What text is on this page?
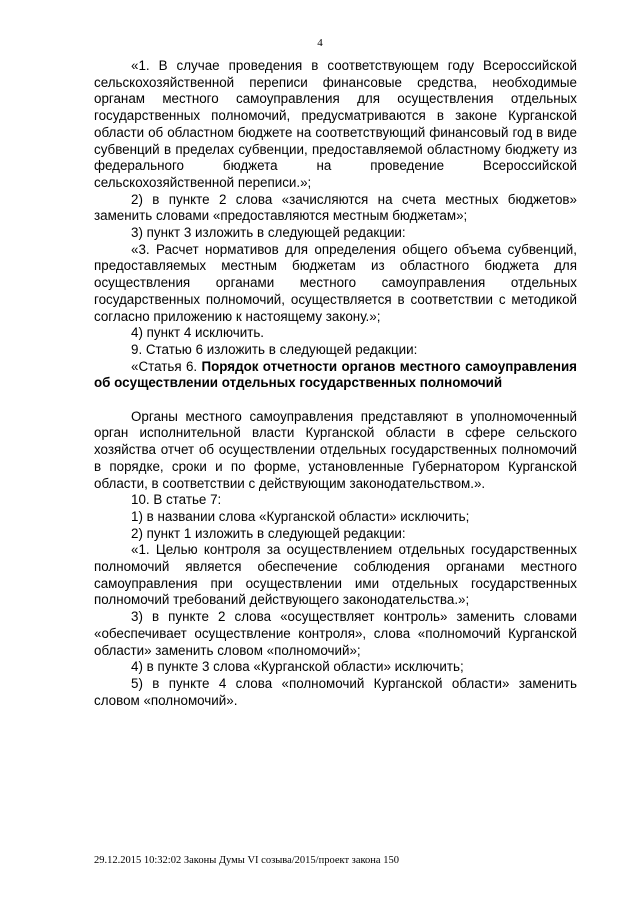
4

«1. В случае проведения в соответствующем году Всероссийской сельскохозяйственной переписи финансовые средства, необходимые органам местного самоуправления для осуществления отдельных государственных полномочий, предусматриваются в законе Курганской области об областном бюджете на соответствующий финансовый год в виде субвенций в пределах субвенции, предоставляемой областному бюджету из федерального бюджета на проведение Всероссийской сельскохозяйственной переписи.»;

2) в пункте 2 слова «зачисляются на счета местных бюджетов» заменить словами «предоставляются местным бюджетам»;

3) пункт 3 изложить в следующей редакции:

«3. Расчет нормативов для определения общего объема субвенций, предоставляемых местным бюджетам из областного бюджета для осуществления органами местного самоуправления отдельных государственных полномочий, осуществляется в соответствии с методикой согласно приложению к настоящему закону.»;

4) пункт 4 исключить.

9. Статью 6 изложить в следующей редакции:

«Статья 6. Порядок отчетности органов местного самоуправления об осуществлении отдельных государственных полномочий

Органы местного самоуправления представляют в уполномоченный орган исполнительной власти Курганской области в сфере сельского хозяйства отчет об осуществлении отдельных государственных полномочий в порядке, сроки и по форме, установленные Губернатором Курганской области, в соответствии с действующим законодательством.».

10. В статье 7:

1) в названии слова «Курганской области» исключить;

2) пункт 1 изложить в следующей редакции:

«1. Целью контроля за осуществлением отдельных государственных полномочий является обеспечение соблюдения органами местного самоуправления при осуществлении ими отдельных государственных полномочий требований действующего законодательства.»;

3) в пункте 2 слова «осуществляет контроль» заменить словами «обеспечивает осуществление контроля», слова «полномочий Курганской области» заменить словом «полномочий»;

4) в пункте 3 слова «Курганской области» исключить;

5) в пункте 4 слова «полномочий Курганской области» заменить словом «полномочий».

29.12.2015 10:32:02 Законы Думы VI созыва/2015/проект закона 150
